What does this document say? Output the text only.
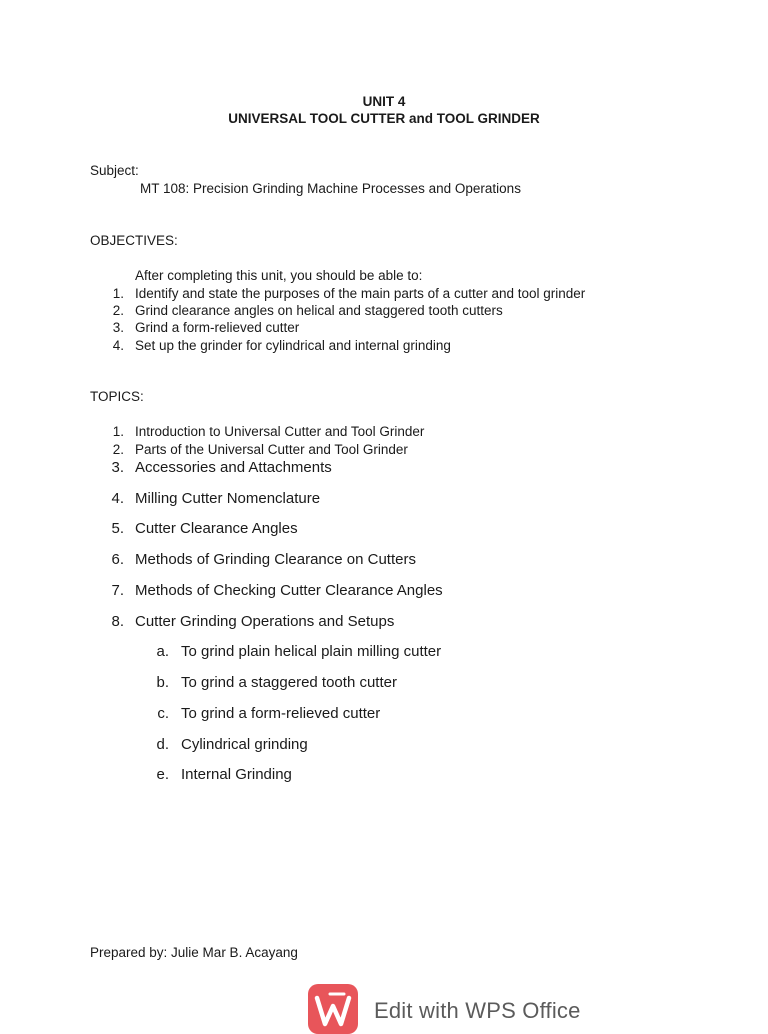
UNIT 4
UNIVERSAL TOOL CUTTER and TOOL GRINDER
Subject:
MT 108: Precision Grinding Machine Processes and Operations
OBJECTIVES:
After completing this unit, you should be able to:
1. Identify and state the purposes of the main parts of a cutter and tool grinder
2. Grind clearance angles on helical and staggered tooth cutters
3. Grind a form-relieved cutter
4. Set up the grinder for cylindrical and internal grinding
TOPICS:
1. Introduction to Universal Cutter and Tool Grinder
2. Parts of the Universal Cutter and Tool Grinder
3. Accessories and Attachments
4. Milling Cutter Nomenclature
5. Cutter Clearance Angles
6. Methods of Grinding Clearance on Cutters
7. Methods of Checking Cutter Clearance Angles
8. Cutter Grinding Operations and Setups
a. To grind plain helical plain milling cutter
b. To grind a staggered tooth cutter
c. To grind a form-relieved cutter
d. Cylindrical grinding
e. Internal Grinding
Prepared by: Julie Mar B. Acayang
Edit with WPS Office
